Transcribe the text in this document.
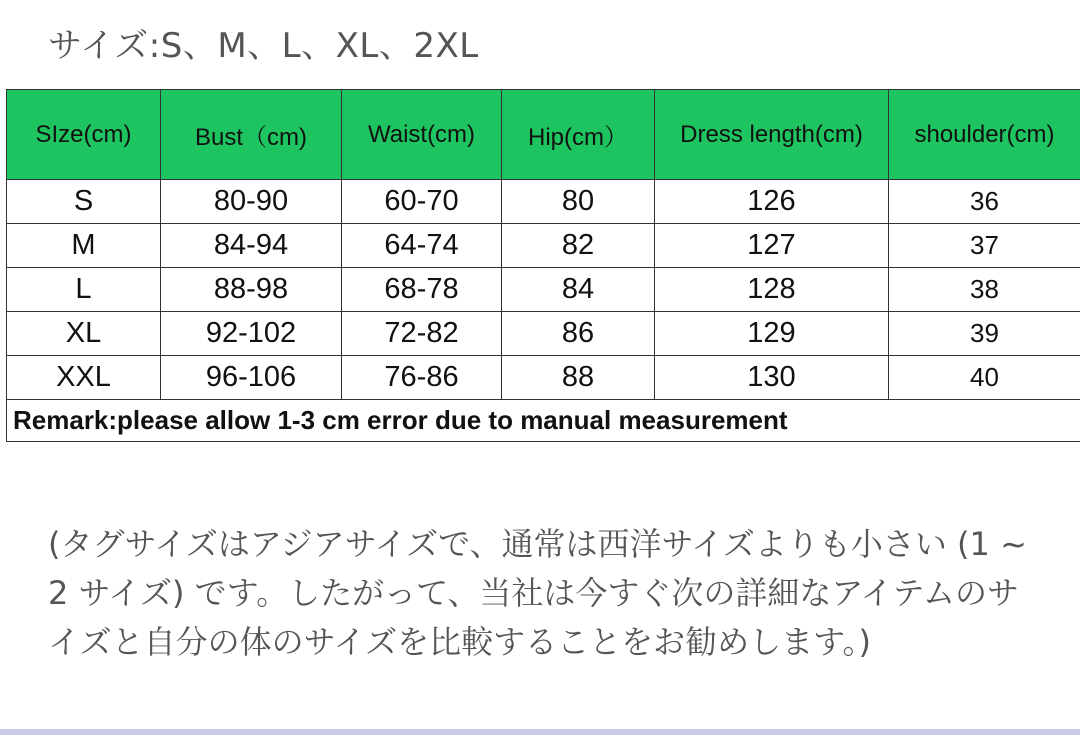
サイズ:S、M、L、XL、2XL
SIze(cm)	Bust（cm)	Waist(cm)	Hip(cm）	Dress length(cm)	shoulder(cm)
S	80-90	60-70	80	126	36
M	84-94	64-74	82	127	37
L	88-98	68-78	84	128	38
XL	92-102	72-82	86	129	39
XXL	96-106	76-86	88	130	40
Remark:please allow 1-3 cm error due to manual measurement					
(タグサイズはアジアサイズで、通常は西洋サイズよりも小さい (1 ~ 2 サイズ) です。したがって、当社は今すぐ次の詳細なアイテムのサイズと自分の体のサイズを比較することをお勧めします。)
